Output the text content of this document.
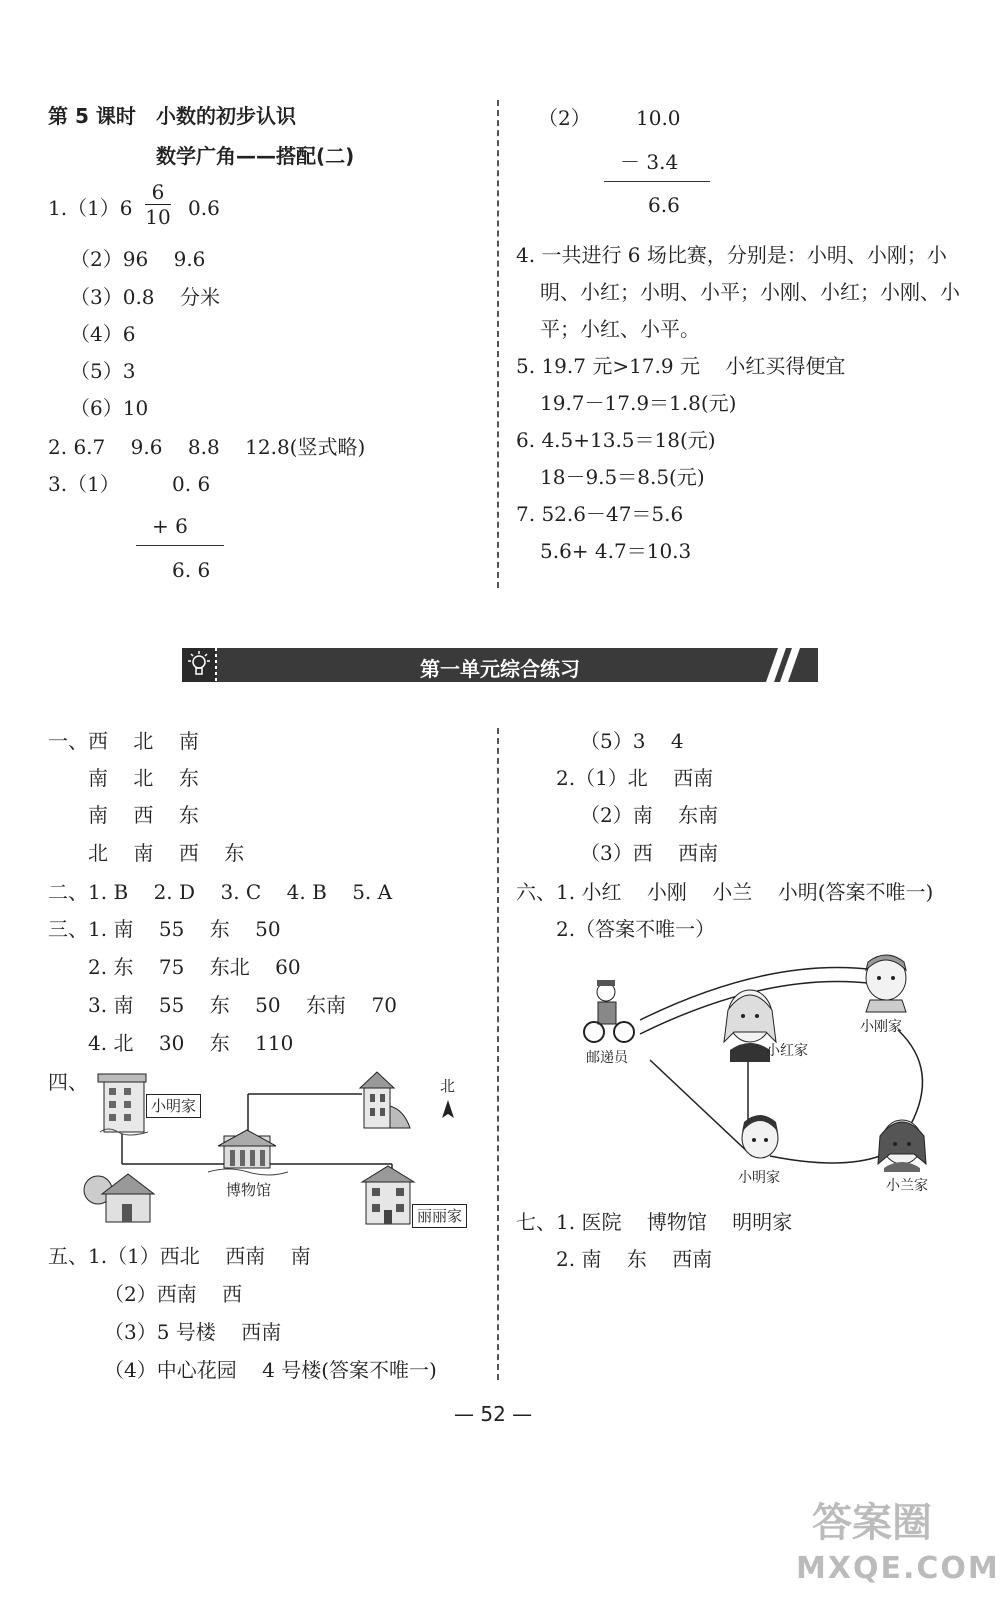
第 5 课时 小数的初步认识
数学广角——搭配(二)
1.（1）6
6
10 0.6
（2）96    9.6
（3）0.8    分米
（4）6
（5）3
（6）10
2. 6.7    9.6    8.8    12.8(竖式略)
3.（1）	0. 6
+ 6
6. 6
（2） 10.0
－ 3.4
6.6
4. 一共进行 6 场比赛，分别是：小明、小刚；小
明、小红；小明、小平；小刚、小红；小刚、小
平；小红、小平。
5. 19.7 元>17.9 元    小红买得便宜
19.7－17.9＝1.8(元)
6. 4.5+13.5＝18(元)
18－9.5＝8.5(元)
7. 52.6－47＝5.6
5.6+ 4.7＝10.3
第一单元综合练习
一、西    北    南
南    北    东
南    西    东
北    南    西    东
二、1. B    2. D    3. C    4. B    5. A
三、1. 南    55    东    50
2. 东    75    东北    60
3. 南    55    东    50    东南    70
4. 北    30    东    110
四、
小明家
博物馆
丽丽家
北
五、1.（1）西北    西南    南
（2）西南    西
（3）5 号楼    西南
（4）中心花园    4 号楼(答案不唯一)
（5）3    4
2.（1）北    西南
（2）南    东南
（3）西    西南
六、1. 小红    小刚    小兰    小明(答案不唯一)
2.（答案不唯一）
邮递员	小红家
小刚家
小明家	小兰家
七、1. 医院    博物馆    明明家
2. 南    东    西南
— 52 —
答案圈
MXQE.COM
